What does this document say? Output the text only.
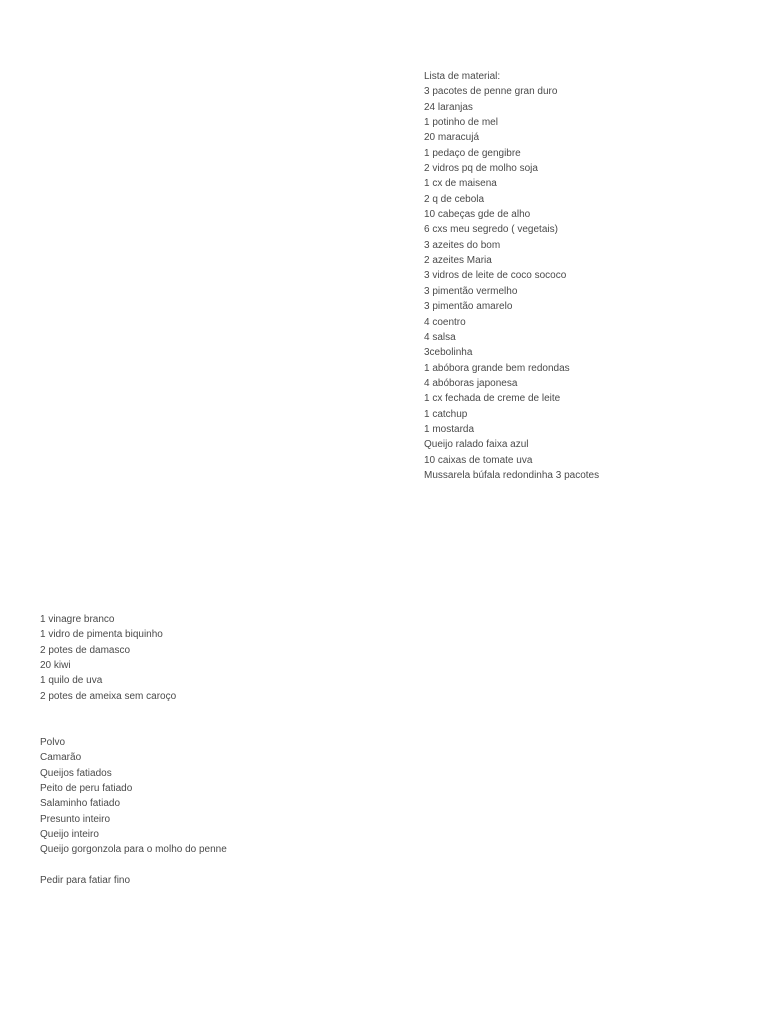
Lista de material:
3 pacotes de penne gran duro
24 laranjas
1 potinho de mel
20 maracujá
1 pedaço de gengibre
2 vidros pq de molho soja
1 cx de maisena
2 q de cebola
10 cabeças gde de alho
6 cxs meu segredo ( vegetais)
3 azeites do bom
2 azeites Maria
3 vidros de leite de coco sococo
3 pimentão vermelho
3 pimentão amarelo
4 coentro
4 salsa
3cebolinha
1 abóbora grande bem redondas
4 abóboras japonesa
1 cx fechada de creme de leite
1 catchup
1 mostarda
Queijo ralado faixa azul
10 caixas de tomate uva
Mussarela búfala redondinha 3 pacotes
1 vinagre branco
1 vidro de pimenta biquinho
2 potes de damasco
20 kiwi
1 quilo de uva
2 potes de ameixa sem caroço
Polvo
Camarão
Queijos fatiados
Peito de peru fatiado
Salaminho fatiado
Presunto inteiro
Queijo inteiro
Queijo gorgonzola para o molho do penne
Pedir para fatiar fino
